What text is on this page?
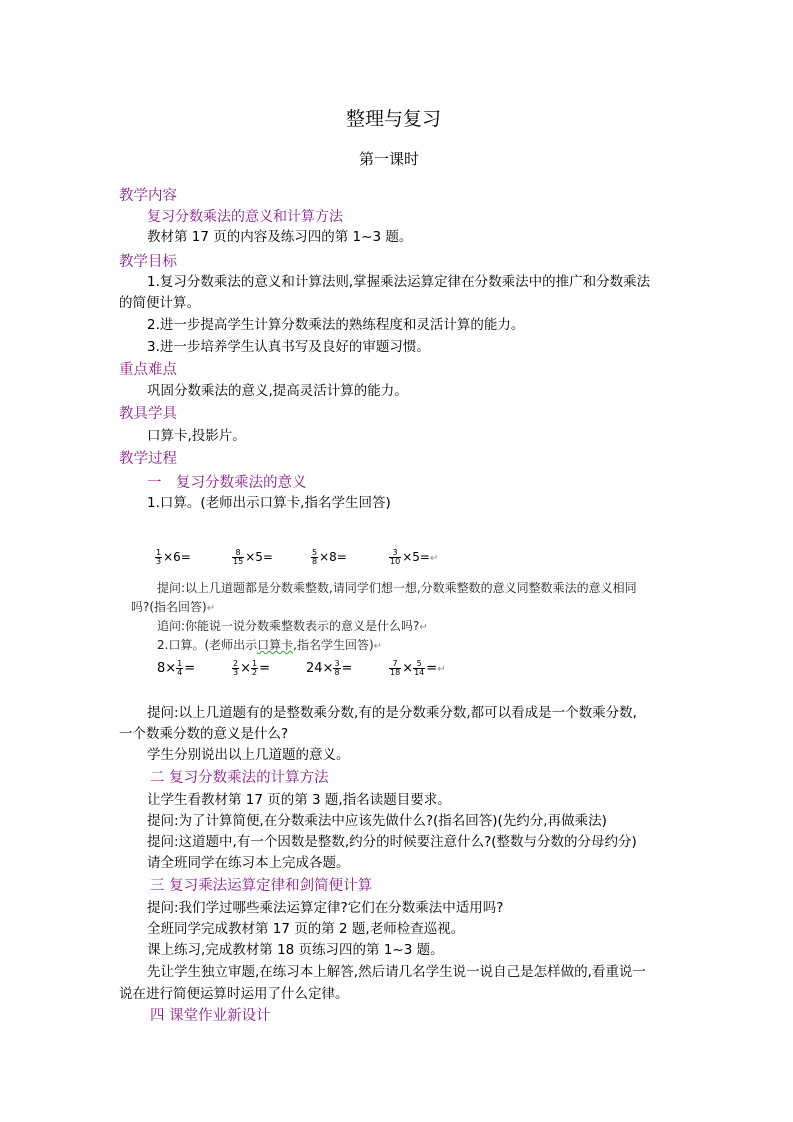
整理与复习
第一课时
教学内容
复习分数乘法的意义和计算方法
教材第 17 页的内容及练习四的第 1~3 题。
教学目标
1.复习分数乘法的意义和计算法则,掌握乘法运算定律在分数乘法中的推广和分数乘法
的简便计算。
2.进一步提高学生计算分数乘法的熟练程度和灵活计算的能力。
3.进一步培养学生认真书写及良好的审题习惯。
重点难点
巩固分数乘法的意义,提高灵活计算的能力。
教具学具
口算卡,投影片。
教学过程
一　复习分数乘法的意义
1.口算。(老师出示口算卡,指名学生回答)
$\frac{1}{3} \times 6=$	$\frac{8}{15} \times 5=$	$\frac{5}{8} \times 8=$	$\frac{3}{10}$ ×5=↵
提问:以上几道题都是分数乘整数,请同学们想一想,分数乘整数的意义同整数乘法的意义相同
吗?(指名回答)↵
追问:你能说一说分数乘整数表示的意义是什么吗?↵
2.口算。(老师出示口算卡,指名学生回答)↵
$8\times \frac{1}{4}$ =	$\frac{2}{3} \times \frac{1}{2}$ =	$24\times \frac{3}{8}$ =	$\frac{7}{18} \times \frac{5}{14}$ =↵
提问:以上几道题有的是整数乘分数,有的是分数乘分数,都可以看成是一个数乘分数,
一个数乘分数的意义是什么?
学生分别说出以上几道题的意义。
二 复习分数乘法的计算方法
让学生看教材第 17 页的第 3 题,指名读题目要求。
提问:为了计算简便,在分数乘法中应该先做什么?(指名回答)(先约分,再做乘法)
提问:这道题中,有一个因数是整数,约分的时候要注意什么?(整数与分数的分母约分)
请全班同学在练习本上完成各题。
三 复习乘法运算定律和剑简便计算
提问:我们学过哪些乘法运算定律?它们在分数乘法中适用吗?
全班同学完成教材第 17 页的第 2 题,老师检查巡视。
课上练习,完成教材第 18 页练习四的第 1~3 题。
先让学生独立审题,在练习本上解答,然后请几名学生说一说自己是怎样做的,看重说一
说在进行简便运算时运用了什么定律。
四 课堂作业新设计
